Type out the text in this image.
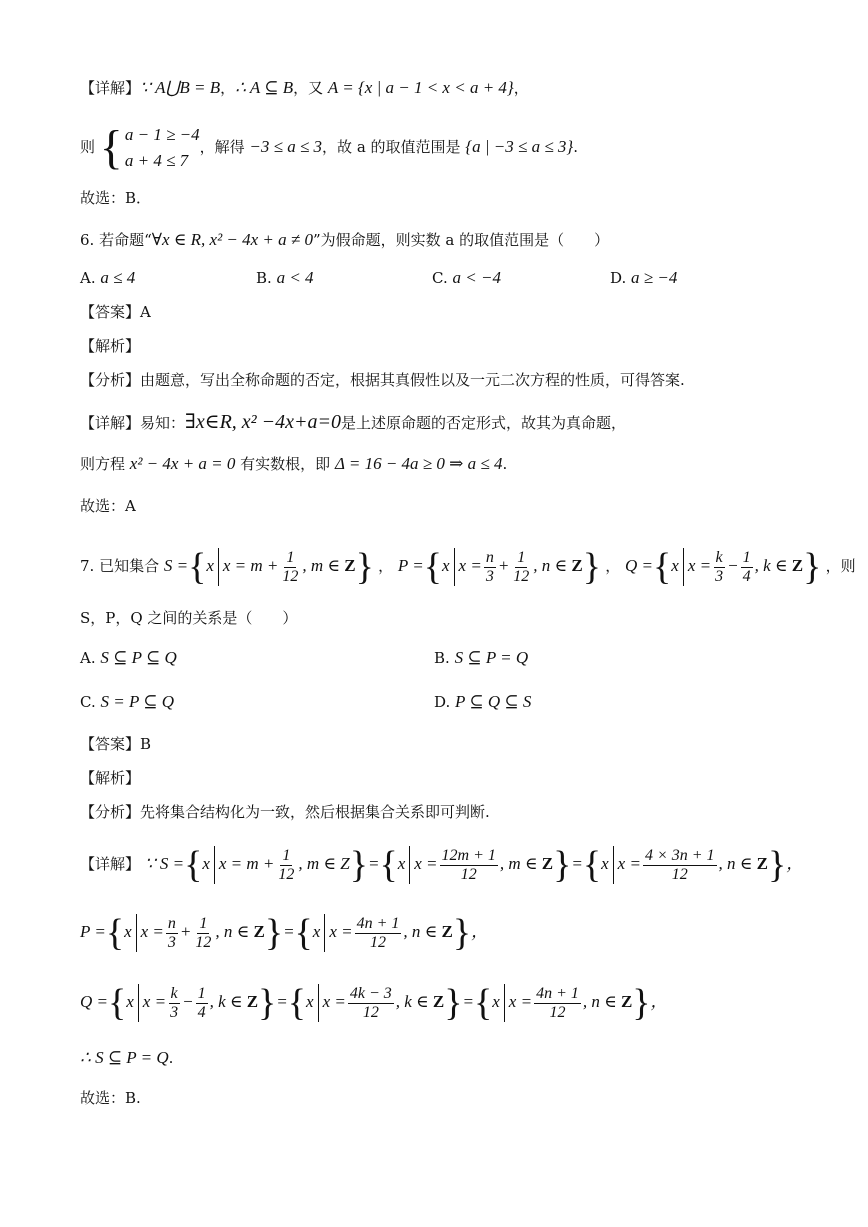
【详解】∵ A⋃B = B，∴ A ⊆ B，又 A = {x | a − 1 < x < a + 4}，
则 { a − 1 ≥ −4
a + 4 ≤ 7
，解得 −3 ≤ a ≤ 3，故 a 的取值范围是 {a | −3 ≤ a ≤ 3}.
故选：B．
6. 若命题“∀x ∈ R, x² − 4x + a ≠ 0”为假命题，则实数 a 的取值范围是（　　）
A. a ≤ 4	B. a < 4	C. a < −4	D. a ≥ −4
【答案】A
【解析】
【分析】由题意，写出全称命题的否定，根据其真假性以及一元二次方程的性质，可得答案.
【详解】易知：∃x∈R, x² −4x+a=0是上述原命题的否定形式，故其为真命题，
则方程 x² − 4x + a = 0 有实数根，即 Δ = 16 − 4a ≥ 0 ⇒ a ≤ 4.
故选：A
7. 已知集合 S ={x $x = m + \frac{1}{12}$ , m ∈ Z} ， P ={x $x = \frac{n}{3} + \frac{1}{12}$ , n ∈ Z} ， Q ={x $x = \frac{k}{3} - \frac{1}{4}$ , k ∈ Z} ，则
S，P，Q 之间的关系是（　　）
A. S ⊆ P ⊆ Q	B. S ⊆ P = Q
C. S = P ⊆ Q	D. P ⊆ Q ⊆ S
【答案】B
【解析】
【分析】先将集合结构化为一致，然后根据集合关系即可判断.
【详解】 ∵ S ={x $x = m + \frac{1}{12}$ , m ∈ Z}={x $x = \frac{12m + 1}{12}$ , m ∈ Z}={x $x = \frac{4 \times 3n + 1}{12}$ , n ∈ Z}，
P ={x $x = \frac{n}{3} + \frac{1}{12}$ , n ∈ Z}={x $x = \frac{4n + 1}{12}$ , n ∈ Z}，
Q ={x $x = \frac{k}{3} - \frac{1}{4}$ , k ∈ Z}={x $x = \frac{4k - 3}{12}$ , k ∈ Z}={x $x = \frac{4n + 1}{12}$ , n ∈ Z}，
∴ S ⊆ P = Q.
故选：B.
